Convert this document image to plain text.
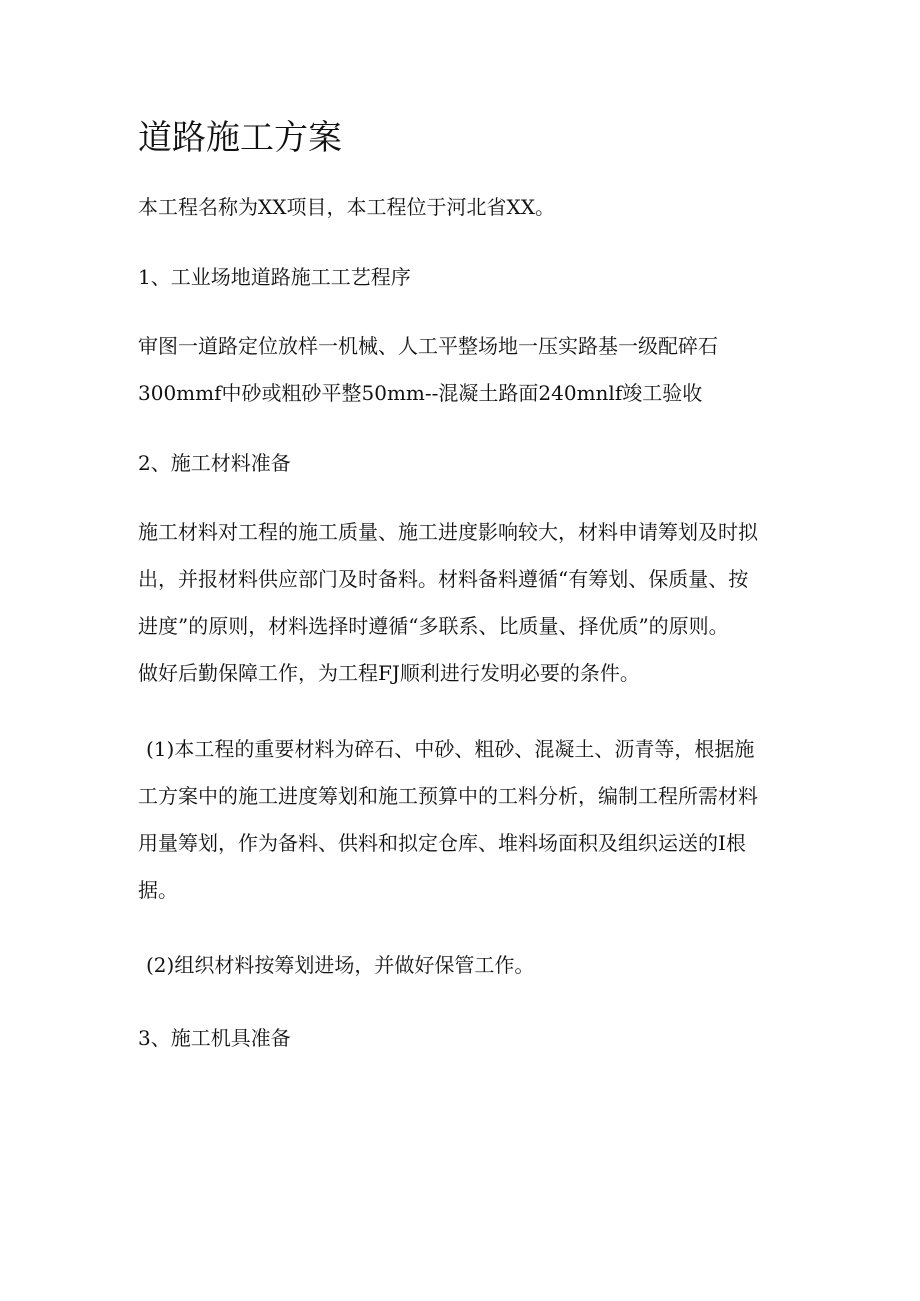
道路施工方案

本工程名称为XX项目，本工程位于河北省XX。

1、工业场地道路施工工艺程序

审图一道路定位放样一机械、人工平整场地一压实路基一级配碎石

300mmf中砂或粗砂平整50mm--混凝土路面240mnlf竣工验收

2、施工材料准备

施工材料对工程的施工质量、施工进度影响较大，材料申请筹划及时拟

出，并报材料供应部门及时备料。材料备料遵循“有筹划、保质量、按

进度”的原则，材料选择时遵循“多联系、比质量、择优质”的原则。

做好后勤保障工作，为工程FJ顺利进行发明必要的条件。

(1)本工程的重要材料为碎石、中砂、粗砂、混凝土、沥青等，根据施

工方案中的施工进度筹划和施工预算中的工料分析，编制工程所需材料

用量筹划，作为备料、供料和拟定仓库、堆料场面积及组织运送的I根

据。

(2)组织材料按筹划进场，并做好保管工作。

3、施工机具准备
